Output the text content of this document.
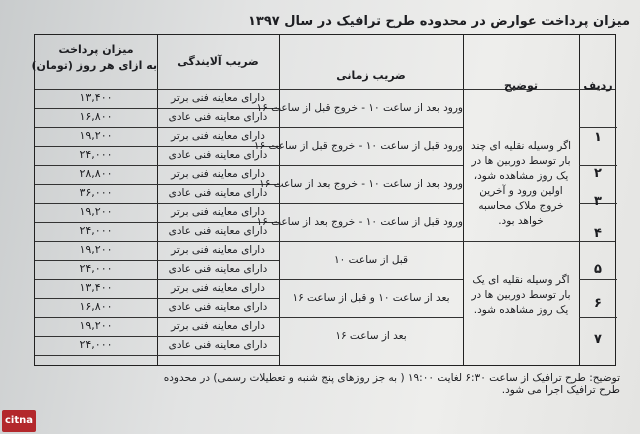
میزان پرداخت عوارض در محدوده طرح ترافیک در سال ۱۳۹۷
میزان پرداخت
به ازای هر روز (تومان)	ضریب آلایندگی
ضریب زمانی
توضیح	ردیف
۱۳,۴۰۰
۱۶,۸۰۰
۱۹,۲۰۰
۲۴,۰۰۰
۲۸,۸۰۰
۳۶,۰۰۰
۱۹,۲۰۰
۲۴,۰۰۰
۱۹,۲۰۰
۲۴,۰۰۰
۱۳,۴۰۰
۱۶,۸۰۰
۱۹,۲۰۰
۲۴,۰۰۰
دارای معاینه فنی برتر
دارای معاینه فنی عادی
دارای معاینه فنی برتر
دارای معاینه فنی عادی
دارای معاینه فنی برتر
دارای معاینه فنی عادی
دارای معاینه فنی برتر
دارای معاینه فنی عادی
دارای معاینه فنی برتر
دارای معاینه فنی عادی
دارای معاینه فنی برتر
دارای معاینه فنی عادی
دارای معاینه فنی برتر
دارای معاینه فنی عادی
ورود بعد از ساعت ۱۰ - خروج قبل از ساعت ۱۶
ورود قبل از ساعت ۱۰ - خروج قبل از ساعت ۱۶
ورود بعد از ساعت ۱۰ - خروج بعد از ساعت ۱۶
ورود قبل از ساعت ۱۰ - خروج بعد از ساعت ۱۶
قبل از ساعت ۱۰
بعد از ساعت ۱۰ و قبل از ساعت ۱۶
بعد از ساعت ۱۶
اگر وسیله نقلیه ای چند بار توسط دوربین ها در یک روز مشاهده شود، اولین ورود و آخرین خروج ملاک محاسبه خواهد بود.
اگر وسیله نقلیه ای یک بار توسط دوربین ها در یک روز مشاهده شود.
۱
۲
۳
۴
۵
۶
۷
توضیح: طرح ترافیک از ساعت ۶:۳۰ لغایت ۱۹:۰۰ ( به جز روزهای پنج شنبه و تعطیلات رسمی) در محدوده طرح ترافیک اجرا می شود.
citna
